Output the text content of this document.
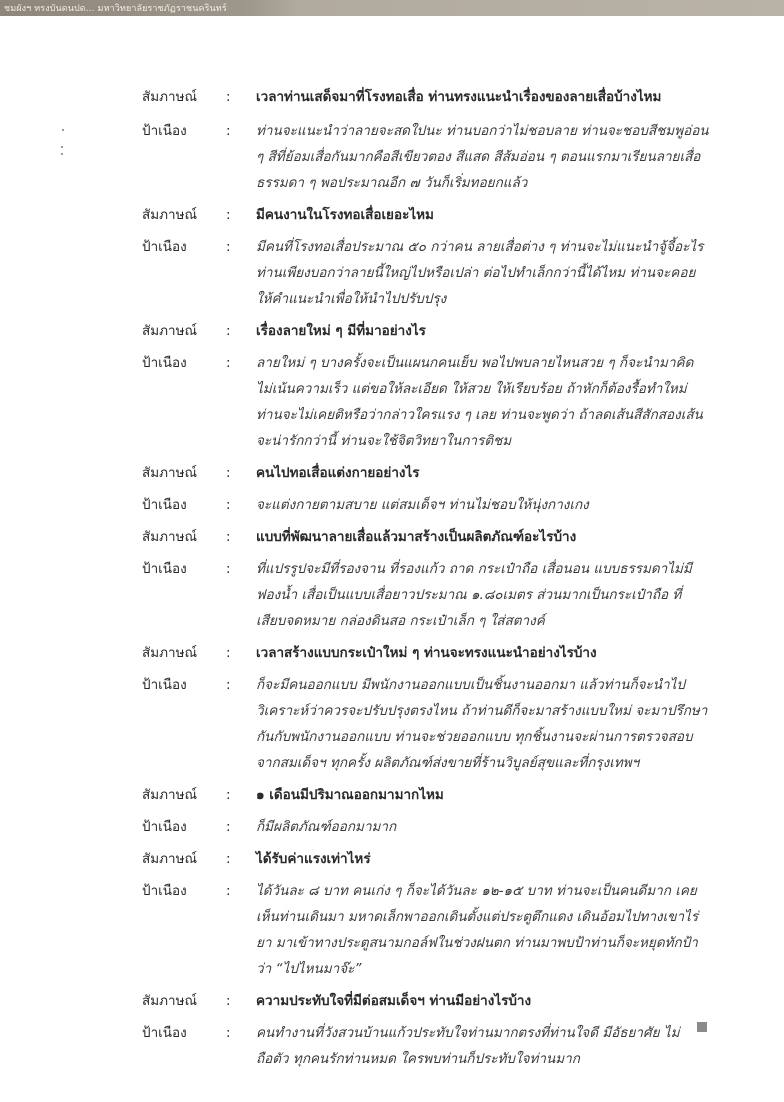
ชมผังฯ ทรงบันดนปด... มหาวิทยาลัยราชภัฏราชนครินทร์
สัมภาษณ์ : เวลาท่านเสด็จมาที่โรงทอเสื่อ ท่านทรงแนะนำเรื่องของลายเสื่อบ้างไหม
ป้าเนือง	: ท่านจะแนะนำว่าลายจะสดใปนะ ท่านบอกว่าไม่ชอบลาย ท่านจะชอบสีชมพูอ่อน ๆ สีที่ย้อมเสื่อกันมากคือสีเขียวตอง สีแสด สีส้มอ่อน ๆ ตอนแรกมาเรียนลายเสื่อธรรมดา ๆ พอประมาณอีก ๗ วันก็เริ่มทอยกแล้ว
สัมภาษณ์ : มีคนงานในโรงทอเสื่อเยอะไหม
ป้าเนือง	: มีคนที่โรงทอเสื่อประมาณ ๕๐ กว่าคน ลายเสื่อต่าง ๆ ท่านจะไม่แนะนำจู้จี้อะไร ท่านเพียงบอกว่าลายนี้ใหญ่ไปหรือเปล่า ต่อไปทำเล็กกว่านี้ได้ไหม ท่านจะคอยให้คำแนะนำเพื่อให้นำไปปรับปรุง
สัมภาษณ์ : เรื่องลายใหม่ ๆ มีที่มาอย่างไร
ป้าเนือง	: ลายใหม่ ๆ บางครั้งจะเป็นแผนกคนเย็บ พอไปพบลายไหนสวย ๆ ก็จะนำมาคิด ไม่เน้นความเร็ว แต่ขอให้ละเอียด ให้สวย ให้เรียบร้อย ถ้าหักก็ต้องรื้อทำใหม่ ท่านจะไม่เคยติหรือว่ากล่าวใครแรง ๆ เลย ท่านจะพูดว่า ถ้าลดเส้นสีสักสองเส้น จะน่ารักกว่านี้ ท่านจะใช้จิตวิทยาในการติชม
สัมภาษณ์ : คนไปทอเสื่อแต่งกายอย่างไร
ป้าเนือง	: จะแต่งกายตามสบาย แต่สมเด็จฯ ท่านไม่ชอบให้นุ่งกางเกง
สัมภาษณ์ : แบบที่พัฒนาลายเสื่อแล้วมาสร้างเป็นผลิตภัณฑ์อะไรบ้าง
ป้าเนือง	: ที่แปรรูปจะมีที่รองจาน ที่รองแก้ว ถาด กระเป๋าถือ เสื่อนอน แบบธรรมดาไม่มีฟองน้ำ เสื่อเป็นแบบเสื่อยาวประมาณ ๑.๘๐เมตร ส่วนมากเป็นกระเป๋าถือ ที่เสียบจดหมาย กล่องดินสอ กระเป๋าเล็ก ๆ ใส่สตางค์
สัมภาษณ์ : เวลาสร้างแบบกระเป๋าใหม่ ๆ ท่านจะทรงแนะนำอย่างไรบ้าง
ป้าเนือง	: ก็จะมีคนออกแบบ มีพนักงานออกแบบเป็นชิ้นงานออกมา แล้วท่านก็จะนำไปวิเคราะห์ว่าควรจะปรับปรุงตรงไหน ถ้าท่านดีก็จะมาสร้างแบบใหม่ จะมาปรึกษากันกับพนักงานออกแบบ ท่านจะช่วยออกแบบ ทุกชิ้นงานจะผ่านการตรวจสอบจากสมเด็จฯ ทุกครั้ง ผลิตภัณฑ์ส่งขายที่ร้านวิบูลย์สุขและที่กรุงเทพฯ
สัมภาษณ์ : ๑ เดือนมีปริมาณออกมามากไหม
ป้าเนือง	: ก็มีผลิตภัณฑ์ออกมามาก
สัมภาษณ์ : ได้รับค่าแรงเท่าไหร่
ป้าเนือง	: ได้วันละ ๘ บาท คนเก่ง ๆ ก็จะได้วันละ ๑๒-๑๕ บาท ท่านจะเป็นคนดีมาก เคยเห็นท่านเดินมา มหาดเล็กพาออกเดินตั้งแต่ประตูตึกแดง เดินอ้อมไปทางเขาไร่ยา มาเข้าทางประตูสนามกอล์ฟในช่วงฝนตก ท่านมาพบป้าท่านก็จะหยุดทักป้าว่า “ไปไหนมาจ๊ะ”
สัมภาษณ์ : ความประทับใจที่มีต่อสมเด็จฯ ท่านมีอย่างไรบ้าง
ป้าเนือง	: คนทำงานที่วังสวนบ้านแก้วประทับใจท่านมากตรงที่ท่านใจดี มีอัธยาศัย ไม่ถือตัว ทุกคนรักท่านหมด ใครพบท่านก็ประทับใจท่านมาก
